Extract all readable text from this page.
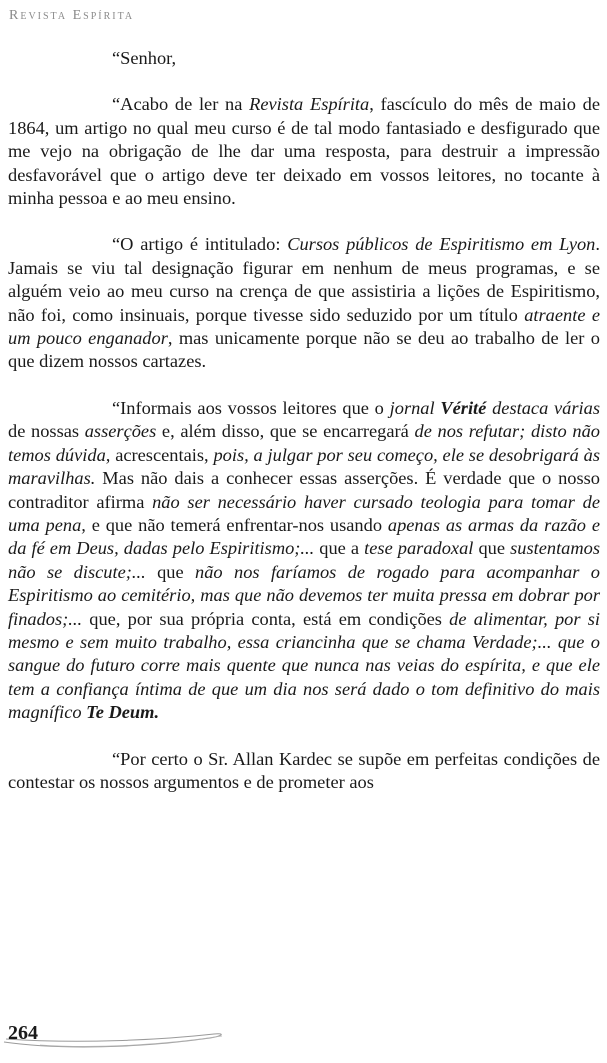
Revista Espírita

“Senhor,

“Acabo de ler na Revista Espírita, fascículo do mês de maio de 1864, um artigo no qual meu curso é de tal modo fantasiado e desfigurado que me vejo na obrigação de lhe dar uma resposta, para destruir a impressão desfavorável que o artigo deve ter deixado em vossos leitores, no tocante à minha pessoa e ao meu ensino.

“O artigo é intitulado: Cursos públicos de Espiritismo em Lyon. Jamais se viu tal designação figurar em nenhum de meus programas, e se alguém veio ao meu curso na crença de que assistiria a lições de Espiritismo, não foi, como insinuais, porque tivesse sido seduzido por um título atraente e um pouco enganador, mas unicamente porque não se deu ao trabalho de ler o que dizem nossos cartazes.

“Informais aos vossos leitores que o jornal Vérité destaca várias de nossas asserções e, além disso, que se encarregará de nos refutar; disto não temos dúvida, acrescentais, pois, a julgar por seu começo, ele se desobrigará às maravilhas. Mas não dais a conhecer essas asserções. É verdade que o nosso contraditor afirma não ser necessário haver cursado teologia para tomar de uma pena, e que não temerá enfrentar-nos usando apenas as armas da razão e da fé em Deus, dadas pelo Espiritismo;... que a tese paradoxal que sustentamos não se discute;... que não nos faríamos de rogado para acompanhar o Espiritismo ao cemitério, mas que não devemos ter muita pressa em dobrar por finados;... que, por sua própria conta, está em condições de alimentar, por si mesmo e sem muito trabalho, essa criancinha que se chama Verdade;... que o sangue do futuro corre mais quente que nunca nas veias do espírita, e que ele tem a confiança íntima de que um dia nos será dado o tom definitivo do mais magnífico Te Deum.

“Por certo o Sr. Allan Kardec se supõe em perfeitas condições de contestar os nossos argumentos e de prometer aos

264
